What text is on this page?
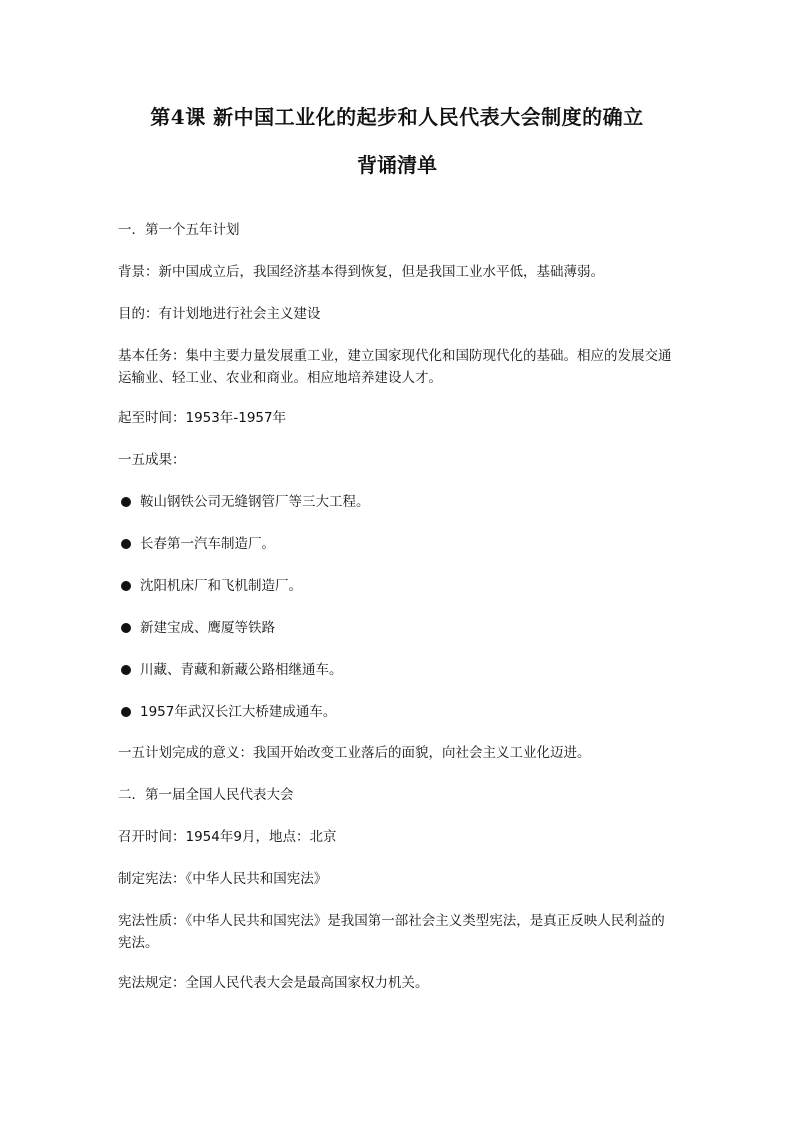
第4课 新中国工业化的起步和人民代表大会制度的确立
背诵清单

一．第一个五年计划

背景：新中国成立后，我国经济基本得到恢复，但是我国工业水平低，基础薄弱。

目的：有计划地进行社会主义建设

基本任务：集中主要力量发展重工业，建立国家现代化和国防现代化的基础。相应的发展交通运输业、轻工业、农业和商业。相应地培养建设人才。

起至时间：1953年-1957年

一五成果：

鞍山钢铁公司无缝钢管厂等三大工程。

长春第一汽车制造厂。

沈阳机床厂和飞机制造厂。

新建宝成、鹰厦等铁路

川藏、青藏和新藏公路相继通车。

1957年武汉长江大桥建成通车。

一五计划完成的意义：我国开始改变工业落后的面貌，向社会主义工业化迈进。

二．第一届全国人民代表大会

召开时间：1954年9月，地点：北京

制定宪法：《中华人民共和国宪法》

宪法性质：《中华人民共和国宪法》是我国第一部社会主义类型宪法，是真正反映人民利益的宪法。

宪法规定：全国人民代表大会是最高国家权力机关。
